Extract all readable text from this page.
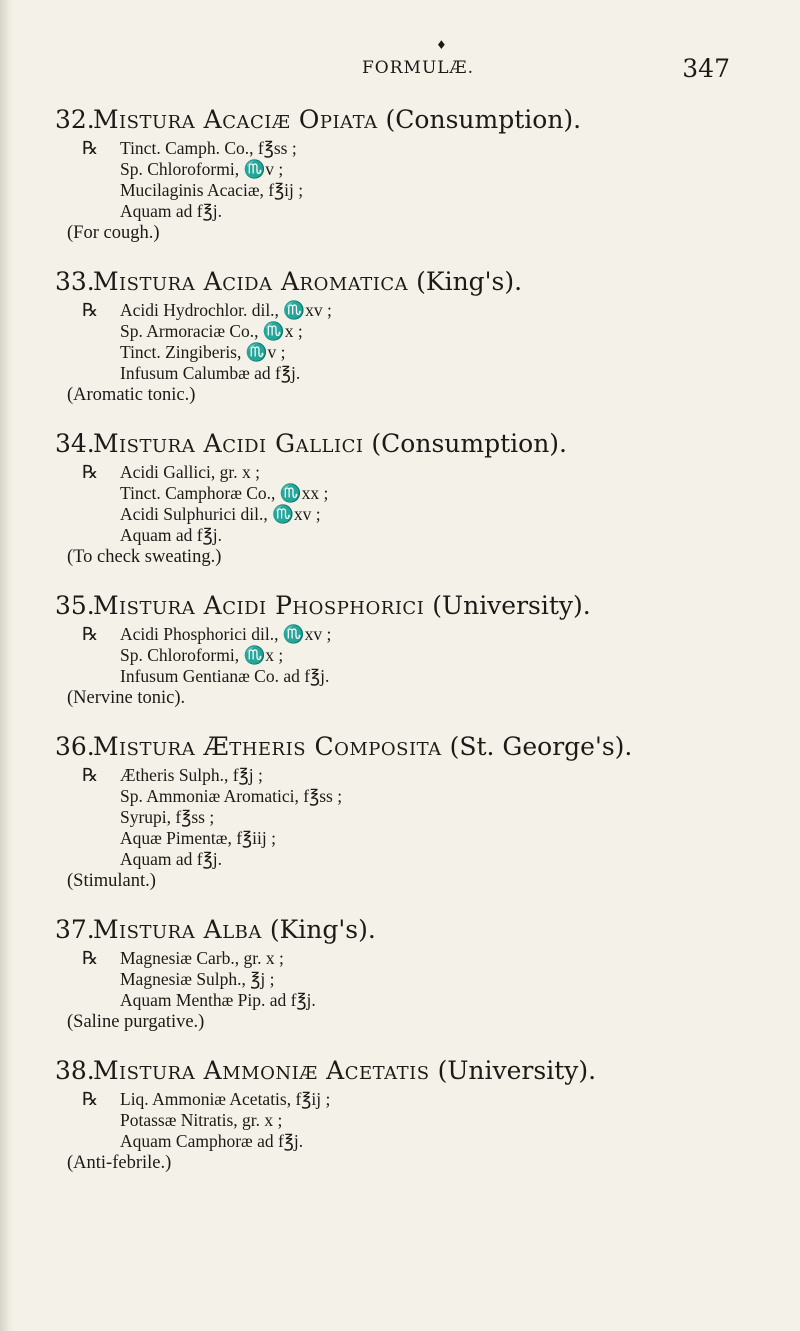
♦
FORMULÆ.	347
32. Mistura Acaciæ Opiata (Consumption).
℞	Tinct. Camph. Co., f℥ss ;
Sp. Chloroformi, ♏v ;
Mucilaginis Acaciæ, f℥ij ;
Aquam ad f℥j.
(For cough.)
33. Mistura Acida Aromatica (King's).
℞	Acidi Hydrochlor. dil., ♏xv ;
Sp. Armoraciæ Co., ♏x ;
Tinct. Zingiberis, ♏v ;
Infusum Calumbæ ad f℥j.
(Aromatic tonic.)
34. Mistura Acidi Gallici (Consumption).
℞	Acidi Gallici, gr. x ;
Tinct. Camphoræ Co., ♏xx ;
Acidi Sulphurici dil., ♏xv ;
Aquam ad f℥j.
(To check sweating.)
35. Mistura Acidi Phosphorici (University).
℞	Acidi Phosphorici dil., ♏xv ;
Sp. Chloroformi, ♏x ;
Infusum Gentianæ Co. ad f℥j.
(Nervine tonic).
36. Mistura Ætheris Composita (St. George's).
℞	Ætheris Sulph., f℥j ;
Sp. Ammoniæ Aromatici, f℥ss ;
Syrupi, f℥ss ;
Aquæ Pimentæ, f℥iij ;
Aquam ad f℥j.
(Stimulant.)
37. Mistura Alba (King's).
℞	Magnesiæ Carb., gr. x ;
Magnesiæ Sulph., ℥j ;
Aquam Menthæ Pip. ad f℥j.
(Saline purgative.)
38. Mistura Ammoniæ Acetatis (University).
℞	Liq. Ammoniæ Acetatis, f℥ij ;
Potassæ Nitratis, gr. x ;
Aquam Camphoræ ad f℥j.
(Anti-febrile.)
